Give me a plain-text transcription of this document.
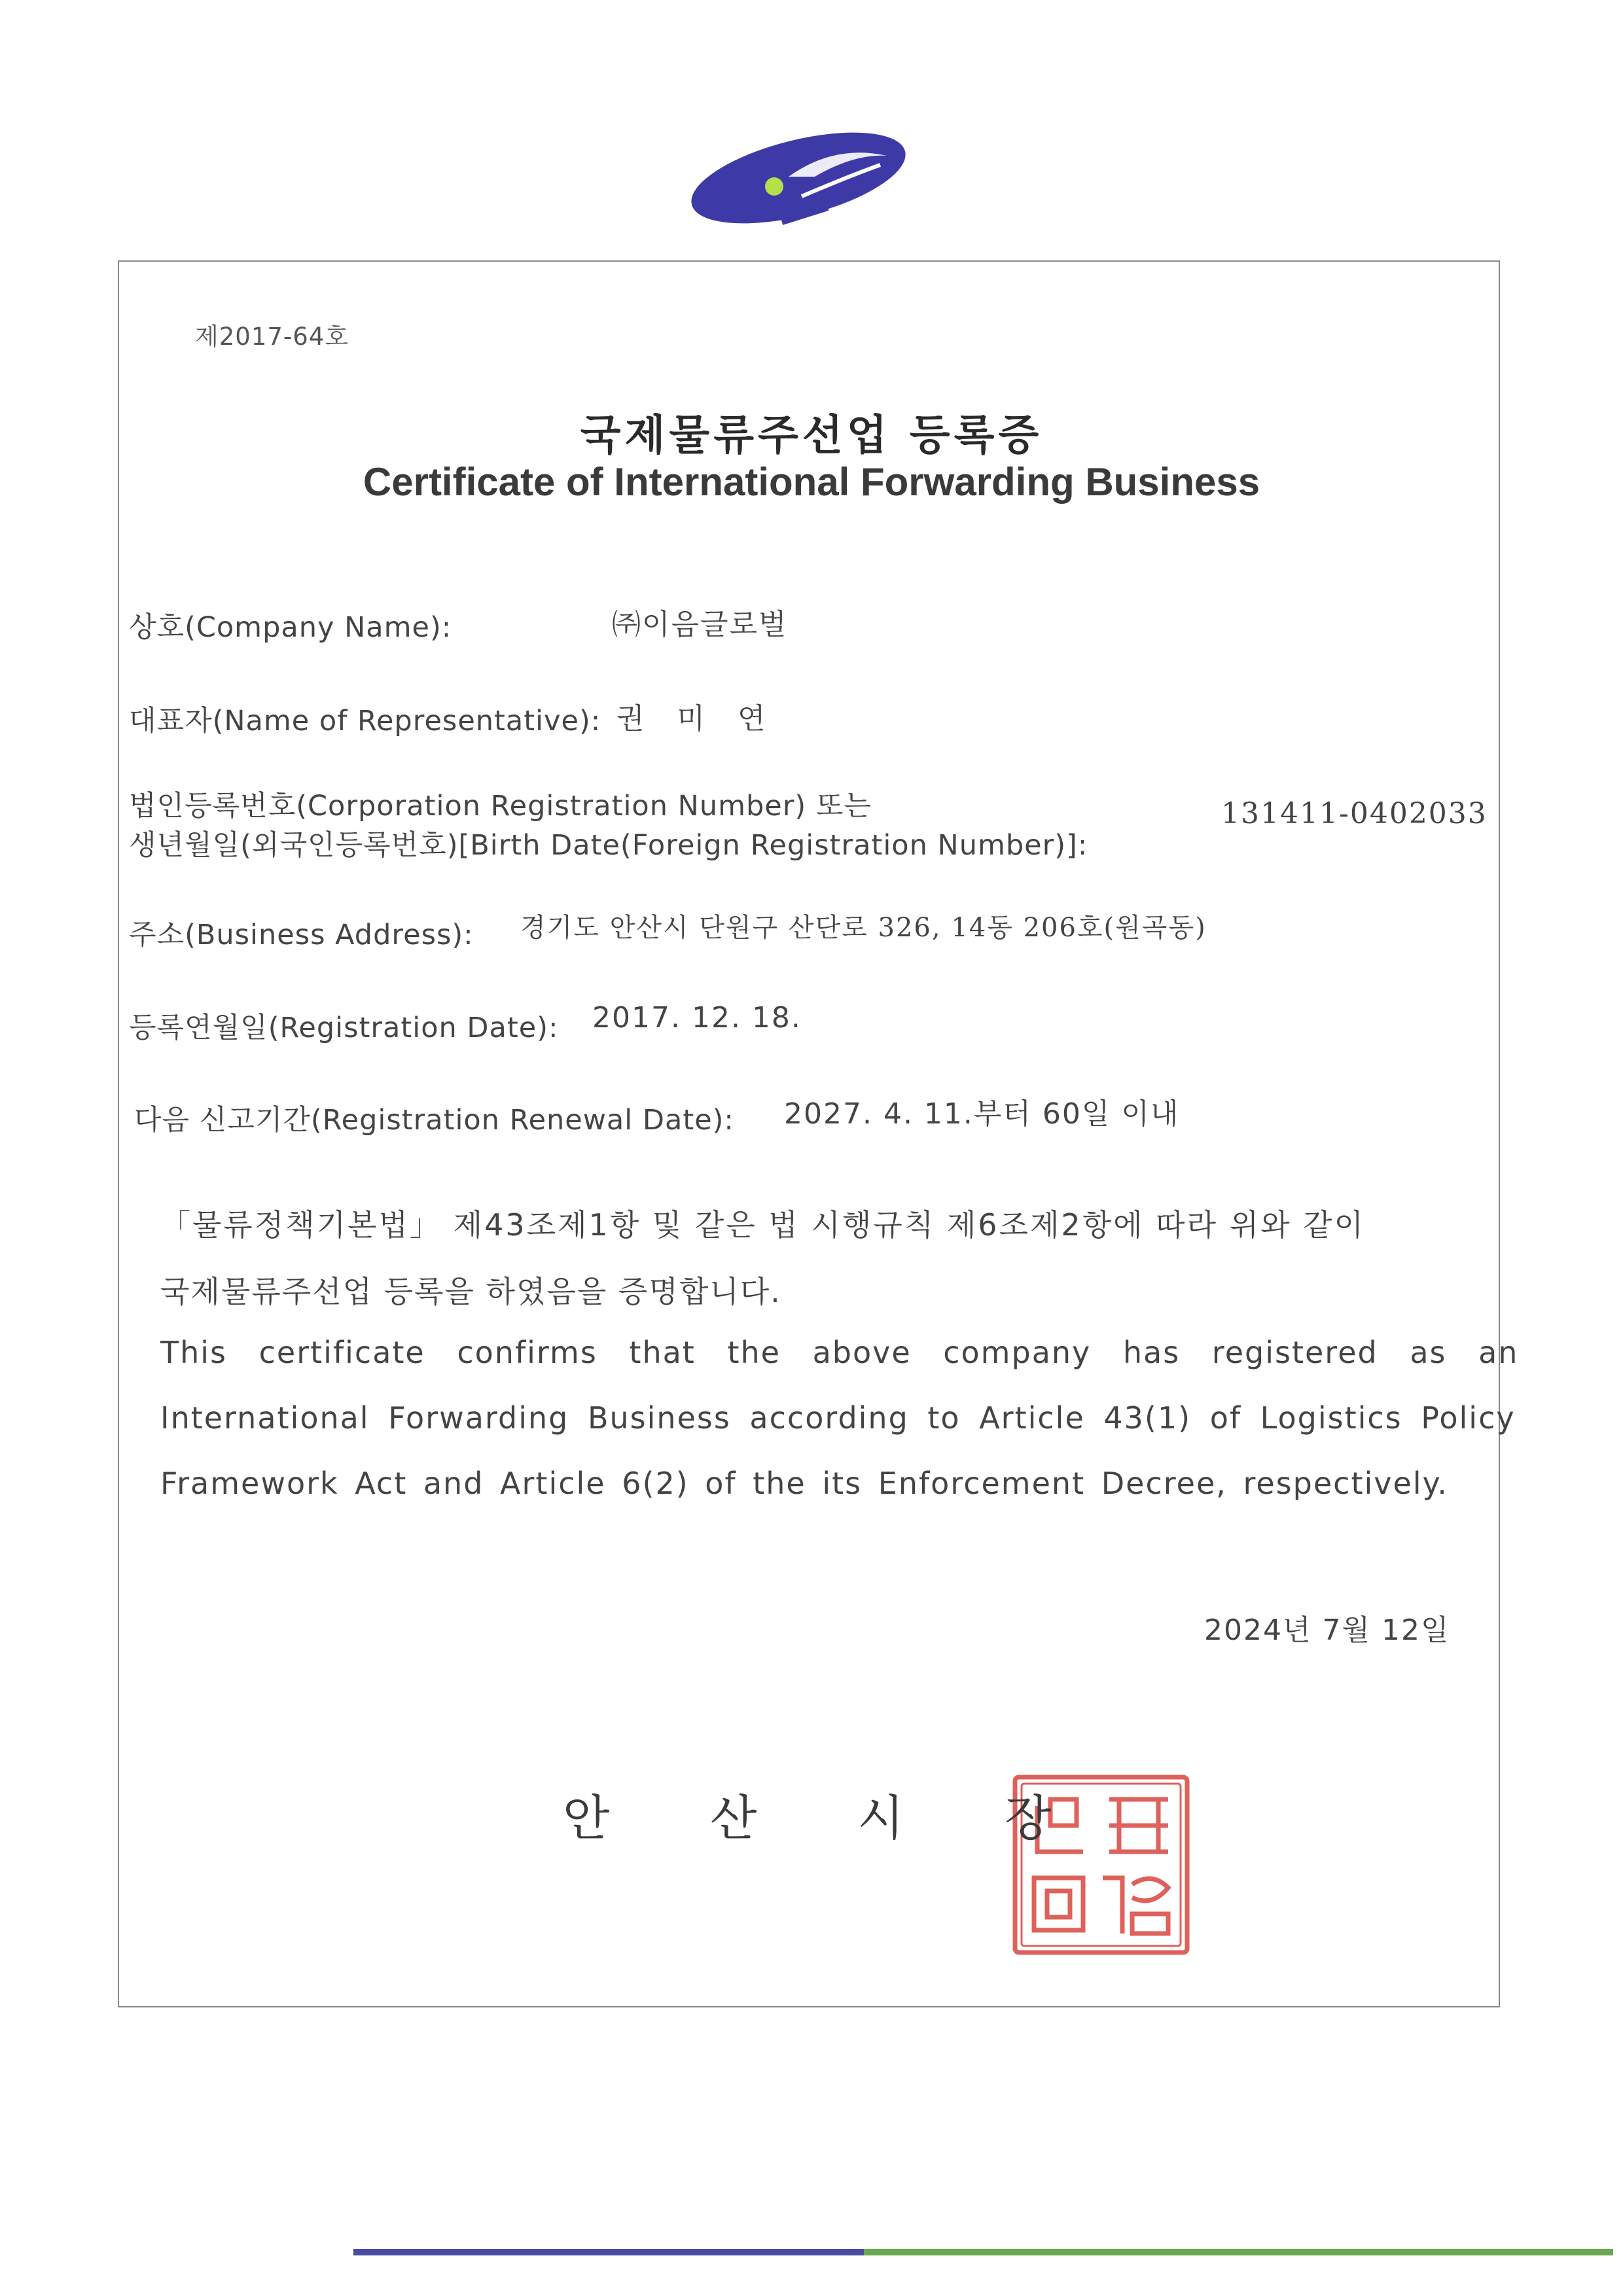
제2017-64호
국제물류주선업 등록증
Certificate of International Forwarding Business
상호(Company Name):	㈜이음글로벌
대표자(Name of Representative): 권 미 연
법인등록번호(Corporation Registration Number) 또는
생년월일(외국인등록번호)[Birth Date(Foreign Registration Number)]:
131411-0402033
주소(Business Address): 경기도 안산시 단원구 산단로 326, 14동 206호(원곡동)
등록연월일(Registration Date): 2017. 12. 18.
다음 신고기간(Registration Renewal Date): 2027. 4. 11.부터 60일 이내
「물류정책기본법」 제43조제1항 및 같은 법 시행규칙 제6조제2항에 따라 위와 같이
국제물류주선업 등록을 하였음을 증명합니다.
This certificate confirms that the above company has registered as an
International Forwarding Business according to Article 43(1) of Logistics Policy
Framework Act and Article 6(2) of the its Enforcement Decree, respectively.
2024년 7월 12일
안 산 시 장
